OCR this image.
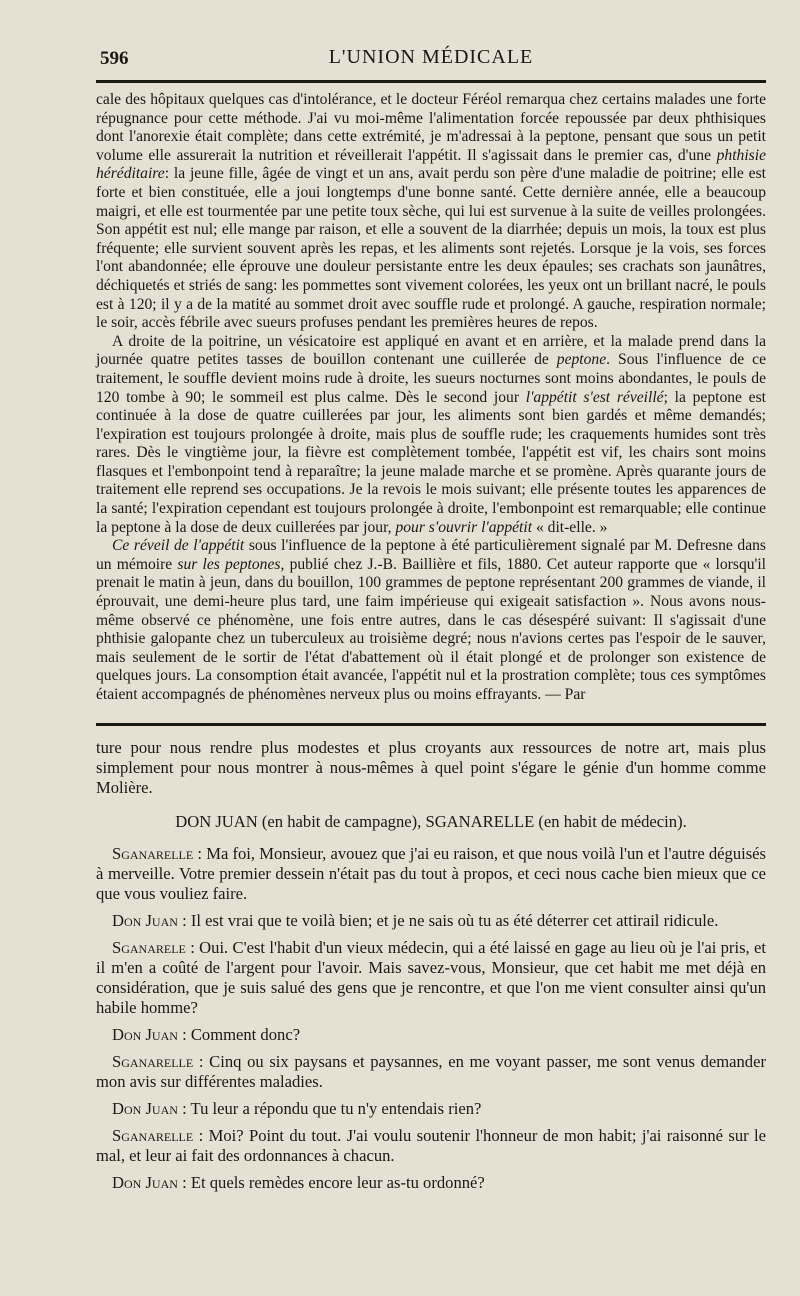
596	L'UNION MÉDICALE

cale des hôpitaux quelques cas d'intolérance, et le docteur Féréol remarqua chez certains malades une forte répugnance pour cette méthode. J'ai vu moi-même l'alimentation forcée repoussée par deux phthisiques dont l'anorexie était complète; dans cette extrémité, je m'adressai à la peptone, pensant que sous un petit volume elle assurerait la nutrition et réveillerait l'appétit. Il s'agissait dans le premier cas, d'une phthisie héréditaire: la jeune fille, âgée de vingt et un ans, avait perdu son père d'une maladie de poitrine; elle est forte et bien constituée, elle a joui longtemps d'une bonne santé. Cette dernière année, elle a beaucoup maigri, et elle est tourmentée par une petite toux sèche, qui lui est survenue à la suite de veilles prolongées. Son appétit est nul; elle mange par raison, et elle a souvent de la diarrhée; depuis un mois, la toux est plus fréquente; elle survient souvent après les repas, et les aliments sont rejetés. Lorsque je la vois, ses forces l'ont abandonnée; elle éprouve une douleur persistante entre les deux épaules; ses crachats son jaunâtres, déchiquetés et striés de sang: les pommettes sont vivement colorées, les yeux ont un brillant nacré, le pouls est à 120; il y a de la matité au sommet droit avec souffle rude et prolongé. A gauche, respiration normale; le soir, accès fébrile avec sueurs profuses pendant les premières heures de repos.

A droite de la poitrine, un vésicatoire est appliqué en avant et en arrière, et la malade prend dans la journée quatre petites tasses de bouillon contenant une cuillerée de peptone. Sous l'influence de ce traitement, le souffle devient moins rude à droite, les sueurs nocturnes sont moins abondantes, le pouls de 120 tombe à 90; le sommeil est plus calme. Dès le second jour l'appétit s'est réveillé; la peptone est continuée à la dose de quatre cuillerées par jour, les aliments sont bien gardés et même demandés; l'expiration est toujours prolongée à droite, mais plus de souffle rude; les craquements humides sont très rares. Dès le vingtième jour, la fièvre est complètement tombée, l'appétit est vif, les chairs sont moins flasques et l'embonpoint tend à reparaître; la jeune malade marche et se promène. Après quarante jours de traitement elle reprend ses occupations. Je la revois le mois suivant; elle présente toutes les apparences de la santé; l'expiration cependant est toujours prolongée à droite, l'embonpoint est remarquable; elle continue la peptone à la dose de deux cuillerées par jour, pour s'ouvrir l'appétit « dit-elle. »

Ce réveil de l'appétit sous l'influence de la peptone à été particulièrement signalé par M. Defresne dans un mémoire sur les peptones, publié chez J.-B. Baillière et fils, 1880. Cet auteur rapporte que « lorsqu'il prenait le matin à jeun, dans du bouillon, 100 grammes de peptone représentant 200 grammes de viande, il éprouvait, une demi-heure plus tard, une faim impérieuse qui exigeait satisfaction ». Nous avons nous-même observé ce phénomène, une fois entre autres, dans le cas désespéré suivant: Il s'agissait d'une phthisie galopante chez un tuberculeux au troisième degré; nous n'avions certes pas l'espoir de le sauver, mais seulement de le sortir de l'état d'abattement où il était plongé et de prolonger son existence de quelques jours. La consomption était avancée, l'appétit nul et la prostration complète; tous ces symptômes étaient accompagnés de phénomènes nerveux plus ou moins effrayants. — Par

ture pour nous rendre plus modestes et plus croyants aux ressources de notre art, mais plus simplement pour nous montrer à nous-mêmes à quel point s'égare le génie d'un homme comme Molière.

DON JUAN (en habit de campagne), SGANARELLE (en habit de médecin).

Sganarelle : Ma foi, Monsieur, avouez que j'ai eu raison, et que nous voilà l'un et l'autre déguisés à merveille. Votre premier dessein n'était pas du tout à propos, et ceci nous cache bien mieux que ce que vous vouliez faire.

Don Juan : Il est vrai que te voilà bien; et je ne sais où tu as été déterrer cet attirail ridicule.

Sganarele : Oui. C'est l'habit d'un vieux médecin, qui a été laissé en gage au lieu où je l'ai pris, et il m'en a coûté de l'argent pour l'avoir. Mais savez-vous, Monsieur, que cet habit me met déjà en considération, que je suis salué des gens que je rencontre, et que l'on me vient consulter ainsi qu'un habile homme?

Don Juan : Comment donc?

Sganarelle : Cinq ou six paysans et paysannes, en me voyant passer, me sont venus demander mon avis sur différentes maladies.

Don Juan : Tu leur a répondu que tu n'y entendais rien?

Sganarelle : Moi? Point du tout. J'ai voulu soutenir l'honneur de mon habit; j'ai raisonné sur le mal, et leur ai fait des ordonnances à chacun.

Don Juan : Et quels remèdes encore leur as-tu ordonné?
